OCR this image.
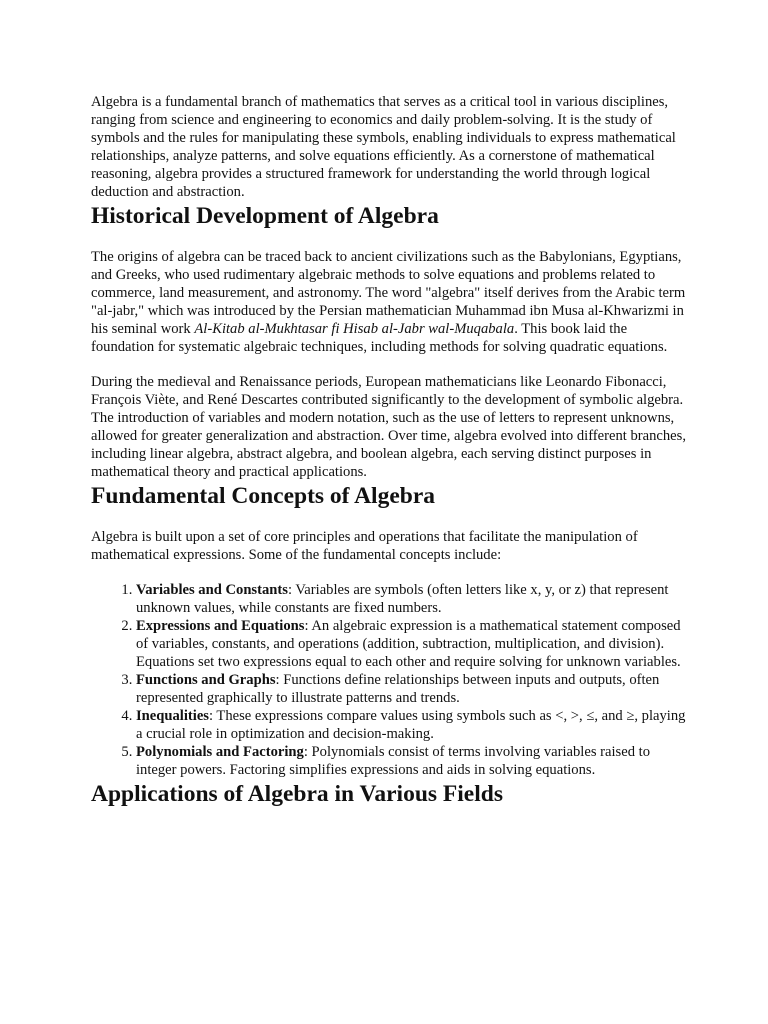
Algebra is a fundamental branch of mathematics that serves as a critical tool in various disciplines, ranging from science and engineering to economics and daily problem-solving. It is the study of symbols and the rules for manipulating these symbols, enabling individuals to express mathematical relationships, analyze patterns, and solve equations efficiently. As a cornerstone of mathematical reasoning, algebra provides a structured framework for understanding the world through logical deduction and abstraction.

Historical Development of Algebra

The origins of algebra can be traced back to ancient civilizations such as the Babylonians, Egyptians, and Greeks, who used rudimentary algebraic methods to solve equations and problems related to commerce, land measurement, and astronomy. The word "algebra" itself derives from the Arabic term "al-jabr," which was introduced by the Persian mathematician Muhammad ibn Musa al-Khwarizmi in his seminal work Al-Kitab al-Mukhtasar fi Hisab al-Jabr wal-Muqabala. This book laid the foundation for systematic algebraic techniques, including methods for solving quadratic equations.

During the medieval and Renaissance periods, European mathematicians like Leonardo Fibonacci, François Viète, and René Descartes contributed significantly to the development of symbolic algebra. The introduction of variables and modern notation, such as the use of letters to represent unknowns, allowed for greater generalization and abstraction. Over time, algebra evolved into different branches, including linear algebra, abstract algebra, and boolean algebra, each serving distinct purposes in mathematical theory and practical applications.

Fundamental Concepts of Algebra

Algebra is built upon a set of core principles and operations that facilitate the manipulation of mathematical expressions. Some of the fundamental concepts include:

1. Variables and Constants: Variables are symbols (often letters like x, y, or z) that represent unknown values, while constants are fixed numbers.
2. Expressions and Equations: An algebraic expression is a mathematical statement composed of variables, constants, and operations (addition, subtraction, multiplication, and division). Equations set two expressions equal to each other and require solving for unknown variables.
3. Functions and Graphs: Functions define relationships between inputs and outputs, often represented graphically to illustrate patterns and trends.
4. Inequalities: These expressions compare values using symbols such as <, >, ≤, and ≥, playing a crucial role in optimization and decision-making.
5. Polynomials and Factoring: Polynomials consist of terms involving variables raised to integer powers. Factoring simplifies expressions and aids in solving equations.
Applications of Algebra in Various Fields
